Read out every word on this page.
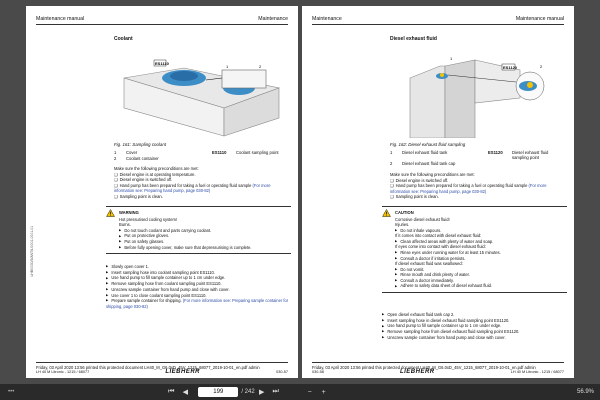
Maintenance manual	Maintenance
Coolant
ES1110
1	2
Fig. 161: Sampling coolant
1	Cover	ES1110	Coolant sampling point
2	Coolant container
Make sure the following preconditions are met:
❑ Diesel engine is at operating temperature.
❑ Diesel engine is switched off.
❑ Hand pump has been prepared for taking a fuel or operating fluid sample (For more information see: Preparing hand pump, page 030-82)
❑ Sampling point is clean.
WARNING
Hot pressurised cooling system!
Burns.
▶ Do not touch coolant and parts carrying coolant.
▶ Put on protective gloves.
▶ Put on safety glasses.
▶ Before fully opening cover, make sure that depressurising is complete.
▶ Slowly open cover 1.
▶ Insert sampling hose into coolant sampling point ES1110.
▶ Use hand pump to fill sample container up to 1 cm under edge.
▶ Remove sampling hose from coolant sampling point ES1110.
▶ Unscrew sample container from hand pump and close with cover.
▶ Use cover 1 to close coolant sampling point ES1110.
▶ Prepare sample container for shipping. (For more information see: Preparing sample container for shipping, page 030-82)
LHB/0030/3/ANT/L/0001-0001-01
Friday, 03 April 2020 13:56 printed this protected document LH40_M_G6.0xD_45V_1215_68077_2019-10-01_en.pdf admin
LH 40 M Litronic - 1215 / 68077	LIEBHERR	030-57
Maintenance	Maintenance manual
Diesel exhaust fluid
ES1120
1
2
Fig. 162: Diesel exhaust fluid sampling
1	Diesel exhaust fluid tank	ES1120	Diesel exhaust fluid sampling point
2	Diesel exhaust fluid tank cap
Make sure the following preconditions are met:
❑ Diesel engine is switched off.
❑ Hand pump has been prepared for taking a fuel or operating fluid sample (For more information see: Preparing hand pump, page 030-82)
❑ Sampling point is clean.
CAUTION
Corrosive diesel exhaust fluid!
Injuries.
▶ Do not inhale vapours.
If it comes into contact with diesel exhaust fluid:
▶ Clean affected areas with plenty of water and soap.
If eyes come into contact with diesel exhaust fluid:
▶ Rinse eyes under running water for at least 15 minutes.
▶ Consult a doctor if irritation persists.
If diesel exhaust fluid was swallowed:
▶ Do not vomit.
▶ Rinse mouth and drink plenty of water.
▶ Consult a doctor immediately.
▶ Adhere to safety data sheet of diesel exhaust fluid.
▶ Open diesel exhaust fluid tank cap 2.
▶ Insert sampling hose in diesel exhaust fluid sampling point ES1120.
▶ Use hand pump to fill sample container up to 1 cm under edge.
▶ Remove sampling hose from diesel exhaust fluid sampling point ES1120.
▶ Unscrew sample container from hand pump and close with cover.
Friday, 03 April 2020 13:56 printed this protected document LH40_M_G6.0xD_45V_1215_68077_2019-10-01_en.pdf admin
030-58	LIEBHERR	LH 40 M Litronic - 1215 / 68077
•••	⏮	◀	199	/ 242 ▶	⏭	−	+	56.9%
